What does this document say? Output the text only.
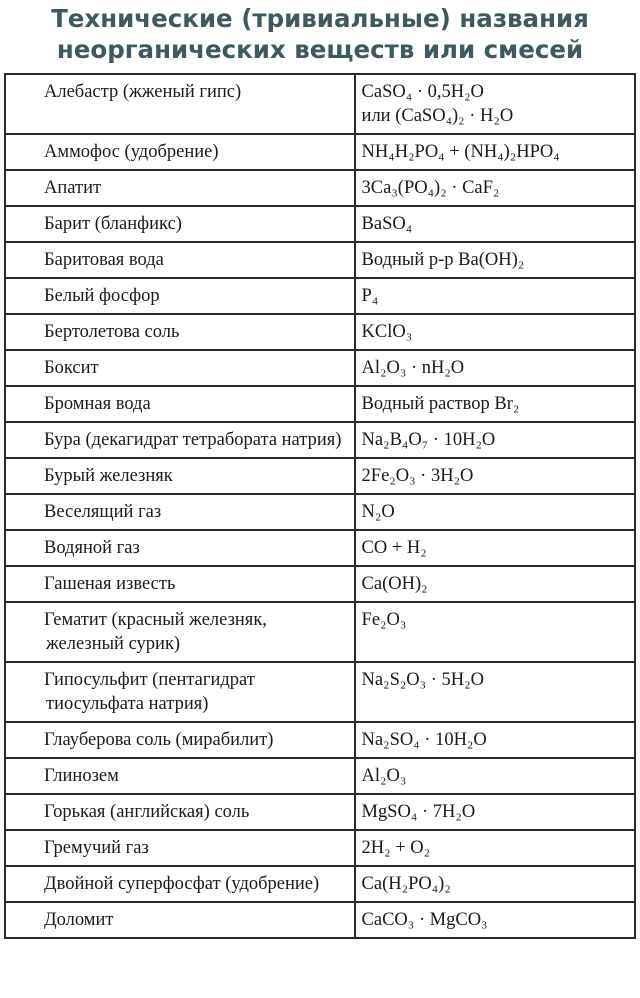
Технические (тривиальные) названия
неорганических веществ или смесей
Алебастр (жженый гипс)	CaSO₄ · 0,5H₂O
или (CaSO₄)₂ · H₂O

Аммофос (удобрение)	NH₄H₂PO₄ + (NH₄)₂HPO₄

Апатит	3Ca₃(PO₄)₂ · CaF₂

Барит (бланфикс)	BaSO₄

Баритовая вода	Водный р-р Ba(OH)₂

Белый фосфор	P₄

Бертолетова соль	KClO₃

Боксит	Al₂O₃ · nH₂O

Бромная вода	Водный раствор Br₂

Бура (декагидрат тетрабората натрия)	Na₂B₄O₇ · 10H₂O

Бурый железняк	2Fe₂O₃ · 3H₂O

Веселящий газ	N₂O

Водяной газ	CO + H₂

Гашеная известь	Ca(OH)₂

Гематит (красный железняк, железный сурик)	Fe₂O₃

Гипосульфит (пентагидрат тиосульфата натрия)	Na₂S₂O₃ · 5H₂O

Глауберова соль (мирабилит)	Na₂SO₄ · 10H₂O

Глинозем	Al₂O₃

Горькая (английская) соль	MgSO₄ · 7H₂O

Гремучий газ	2H₂ + O₂

Двойной суперфосфат (удобрение)	Ca(H₂PO₄)₂

Доломит	CaCO₃ · MgCO₃
